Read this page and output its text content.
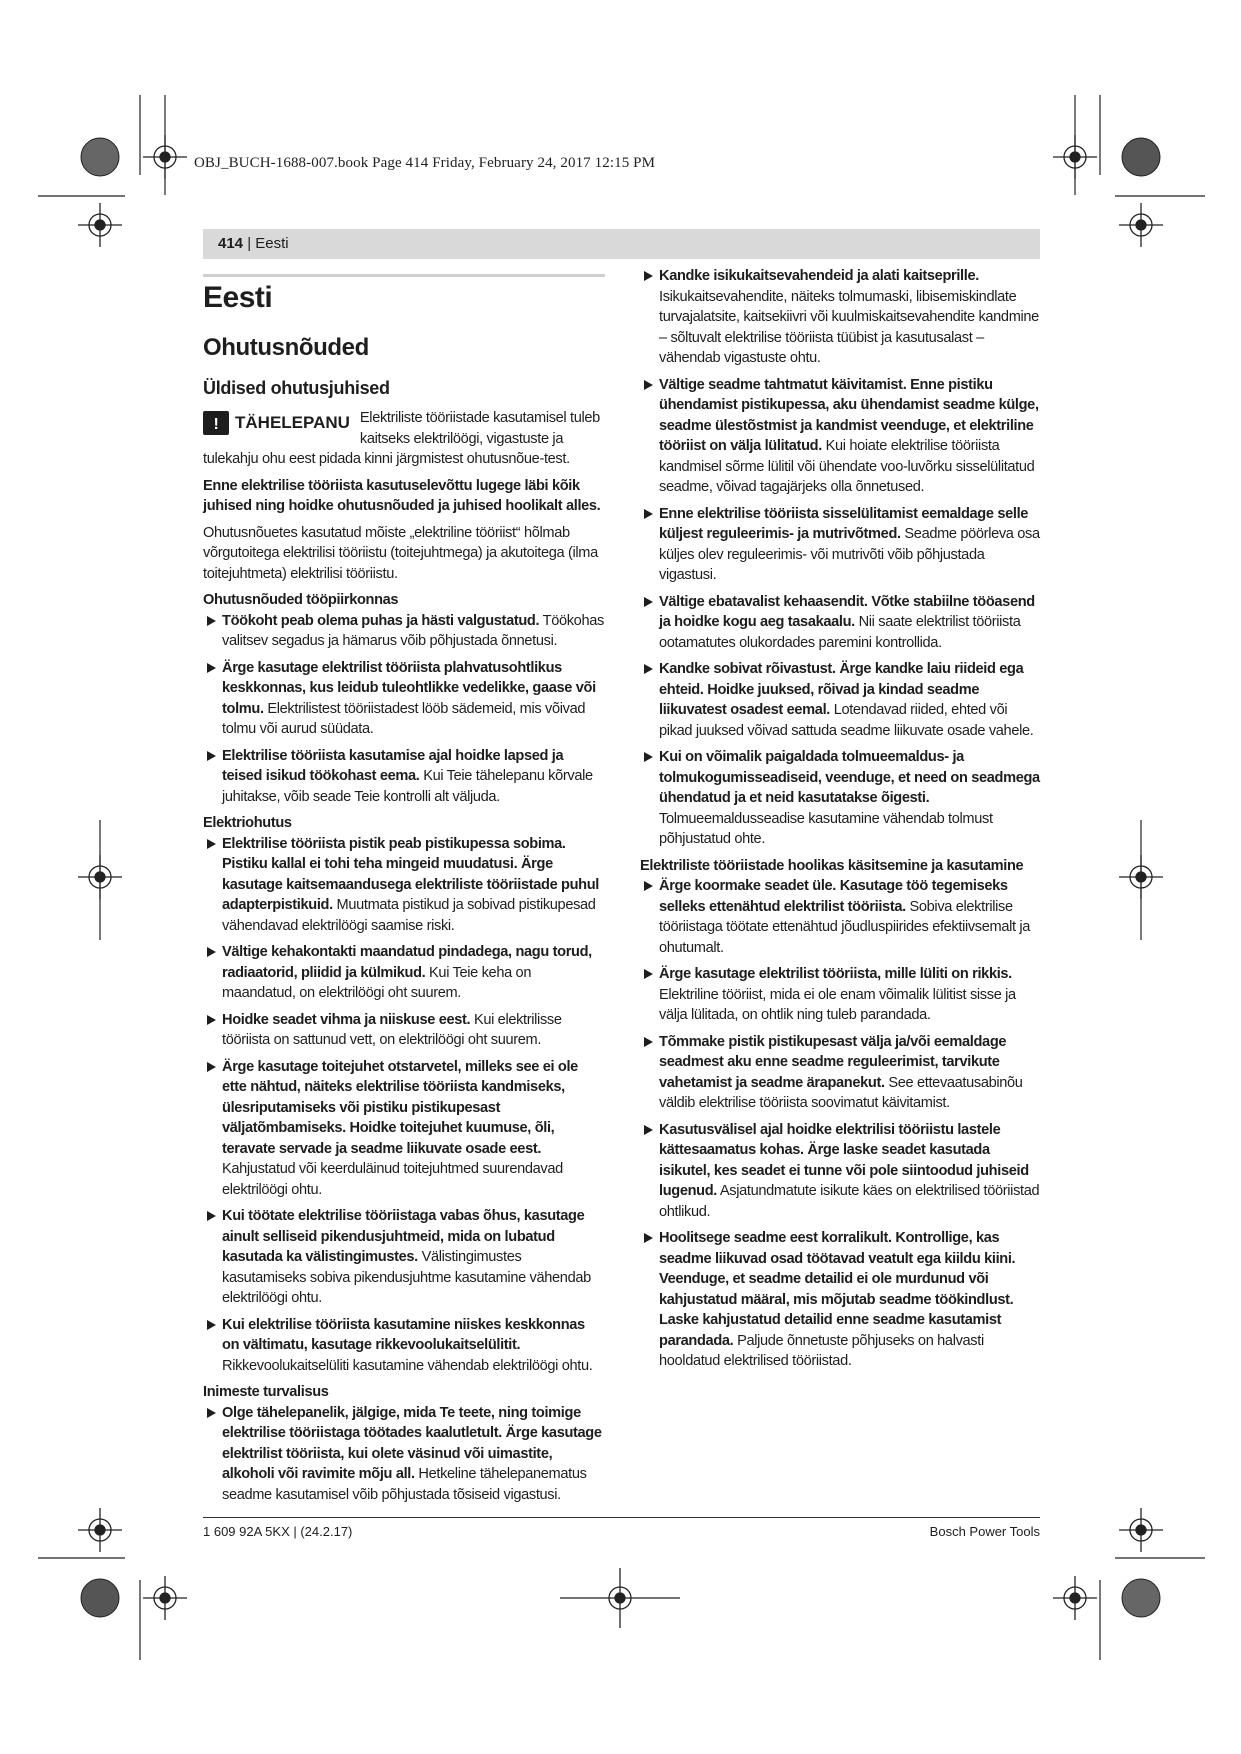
OBJ_BUCH-1688-007.book Page 414 Friday, February 24, 2017 12:15 PM
414 | Eesti
Eesti
Ohutusnõuded
Üldised ohutusjuhised
! TÄHELEPANU Elektriliste tööriistade kasutamisel tuleb kaitseks elektrilöögi, vigastuste ja tulekahju ohu eest pidada kinni järgmistest ohutusnõue-test.

Enne elektrilise tööriista kasutuselevõttu lugege läbi kõik juhised ning hoidke ohutusnõuded ja juhised hoolikalt alles.

Ohutusnõuetes kasutatud mõiste „elektriline tööriist“ hõlmab võrgutoitega elektrilisi tööriistu (toitejuhtmega) ja akutoitega (ilma toitejuhtmeta) elektrilisi tööriistu.

Ohutusnõuded tööpiirkonnas
Töökoht peab olema puhas ja hästi valgustatud. Töökohas valitsev segadus ja hämarus võib põhjustada õnnetusi.
Ärge kasutage elektrilist tööriista plahvatusohtlikus keskkonnas, kus leidub tuleohtlikke vedelikke, gaase või tolmu. Elektrilistest tööriistadest lööb sädemeid, mis võivad tolmu või aurud süüdata.
Elektrilise tööriista kasutamise ajal hoidke lapsed ja teised isikud töökohast eema. Kui Teie tähelepanu kõrvale juhitakse, võib seade Teie kontrolli alt väljuda.
Elektriohutus
Elektrilise tööriista pistik peab pistikupessa sobima. Pistiku kallal ei tohi teha mingeid muudatusi. Ärge kasutage kaitsemaandusega elektriliste tööriistade puhul adapterpistikuid. Muutmata pistikud ja sobivad pistikupesad vähendavad elektrilöögi saamise riski.
Vältige kehakontakti maandatud pindadega, nagu torud, radiaatorid, pliidid ja külmikud. Kui Teie keha on maandatud, on elektrilöögi oht suurem.
Hoidke seadet vihma ja niiskuse eest. Kui elektrilisse tööriista on sattunud vett, on elektrilöögi oht suurem.
Ärge kasutage toitejuhet otstarvetel, milleks see ei ole ette nähtud, näiteks elektrilise tööriista kandmiseks, ülesriputamiseks või pistiku pistikupesast väljatõmbamiseks. Hoidke toitejuhet kuumuse, õli, teravate servade ja seadme liikuvate osade eest. Kahjustatud või keerduläinud toitejuhtmed suurendavad elektrilöögi ohtu.
Kui töötate elektrilise tööriistaga vabas õhus, kasutage ainult selliseid pikendusjuhtmeid, mida on lubatud kasutada ka välistingimustes. Välistingimustes kasutamiseks sobiva pikendusjuhtme kasutamine vähendab elektrilöögi ohtu.
Kui elektrilise tööriista kasutamine niiskes keskkonnas on vältimatu, kasutage rikkevoolukaitselülitit. Rikkevoolukaitselüliti kasutamine vähendab elektrilöögi ohtu.
Inimeste turvalisus
Olge tähelepanelik, jälgige, mida Te teete, ning toimige elektrilise tööriistaga töötades kaalutletult. Ärge kasutage elektrilist tööriista, kui olete väsinud või uimastite, alkoholi või ravimite mõju all. Hetkeline tähelepanematus seadme kasutamisel võib põhjustada tõsiseid vigastusi.
Kandke isikukaitsevahendeid ja alati kaitseprille. Isikukaitsevahendite, näiteks tolmumaski, libisemiskindlate turvajalatsite, kaitsekiivri või kuulmiskaitsevahendite kandmine – sõltuvalt elektrilise tööriista tüübist ja kasutusalast – vähendab vigastuste ohtu.
Vältige seadme tahtmatut käivitamist. Enne pistiku ühendamist pistikupessa, aku ühendamist seadme külge, seadme ülestõstmist ja kandmist veenduge, et elektriline tööriist on välja lülitatud. Kui hoiate elektrilise tööriista kandmisel sõrme lülitil või ühendate voo-luvõrku sisselülitatud seadme, võivad tagajärjeks olla õnnetused.
Enne elektrilise tööriista sisselülitamist eemaldage selle küljest reguleerimis- ja mutrivõtmed. Seadme pöörleva osa küljes olev reguleerimis- või mutrivõti võib põhjustada vigastusi.
Vältige ebatavalist kehaasendit. Võtke stabiilne tööasend ja hoidke kogu aeg tasakaalu. Nii saate elektrilist tööriista ootamatutes olukordades paremini kontrollida.
Kandke sobivat rõivastust. Ärge kandke laiu riideid ega ehteid. Hoidke juuksed, rõivad ja kindad seadme liikuvatest osadest eemal. Lotendavad riided, ehted või pikad juuksed võivad sattuda seadme liikuvate osade vahele.
Kui on võimalik paigaldada tolmueemaldus- ja tolmukogumisseadiseid, veenduge, et need on seadmega ühendatud ja et neid kasutatakse õigesti. Tolmueemaldusseadise kasutamine vähendab tolmust põhjustatud ohte.
Elektriliste tööriistade hoolikas käsitsemine ja kasutamine
Ärge koormake seadet üle. Kasutage töö tegemiseks selleks ettenähtud elektrilist tööriista. Sobiva elektrilise tööriistaga töötate ettenähtud jõudluspiirides efektiivsemalt ja ohutumalt.
Ärge kasutage elektrilist tööriista, mille lüliti on rikkis. Elektriline tööriist, mida ei ole enam võimalik lülitist sisse ja välja lülitada, on ohtlik ning tuleb parandada.
Tõmmake pistik pistikupesast välja ja/või eemaldage seadmest aku enne seadme reguleerimist, tarvikute vahetamist ja seadme ärapanekut. See ettevaatusabinõu väldib elektrilise tööriista soovimatut käivitamist.
Kasutusvälisel ajal hoidke elektrilisi tööriistu lastele kättesaamatus kohas. Ärge laske seadet kasutada isikutel, kes seadet ei tunne või pole siintoodud juhiseid lugenud. Asjatundmatute isikute käes on elektrilised tööriistad ohtlikud.
Hoolitsege seadme eest korralikult. Kontrollige, kas seadme liikuvad osad töötavad veatult ega kiildu kiini. Veenduge, et seadme detailid ei ole murdunud või kahjustatud määral, mis mõjutab seadme töökindlust. Laske kahjustatud detailid enne seadme kasutamist parandada. Paljude õnnetuste põhjuseks on halvasti hooldatud elektrilised tööriistad.
1 609 92A 5KX | (24.2.17)	Bosch Power Tools
